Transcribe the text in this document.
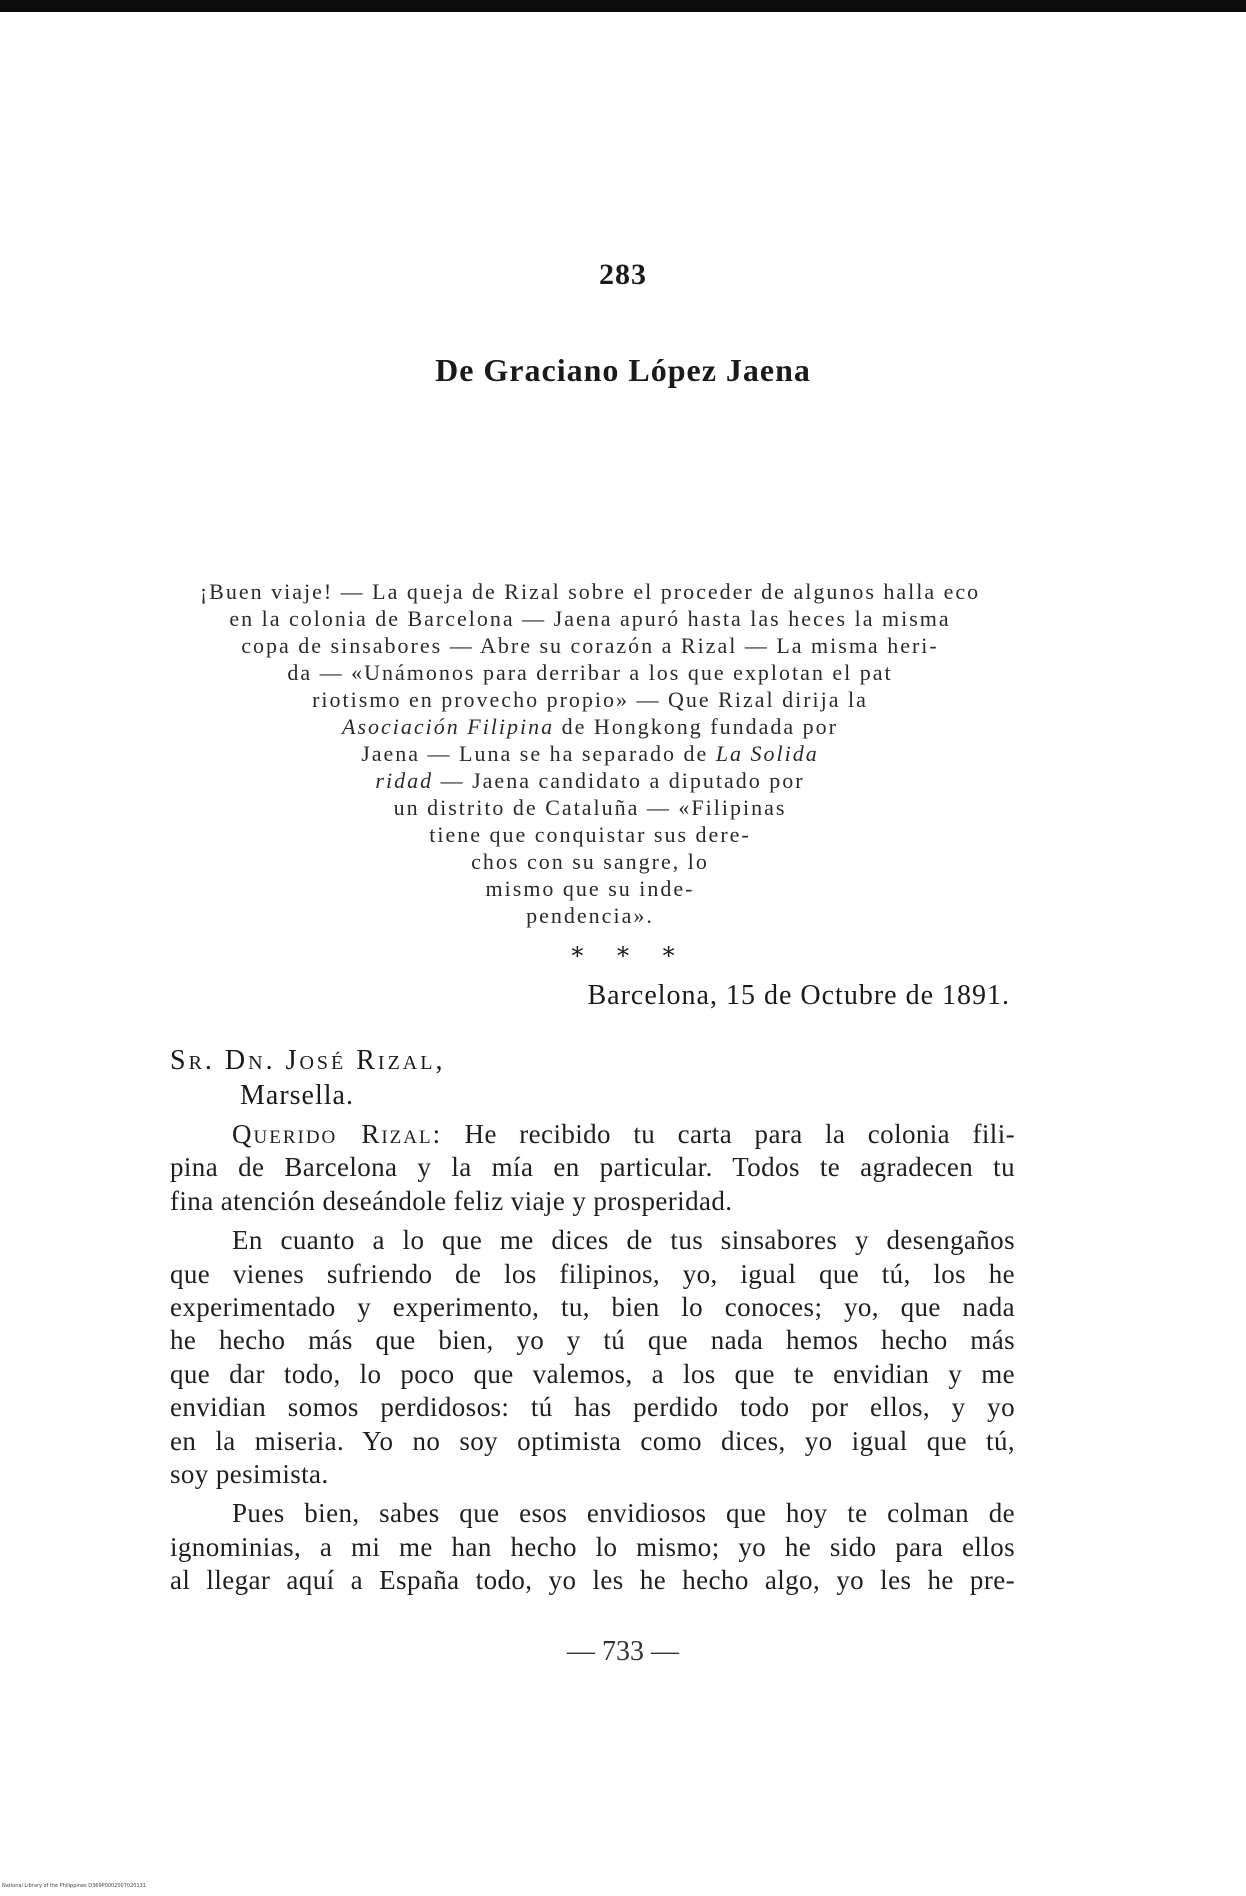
283
De Graciano López Jaena
¡Buen viaje! — La queja de Rizal sobre el proceder de algunos halla eco
en la colonia de Barcelona — Jaena apuró hasta las heces la misma
copa de sinsabores — Abre su corazón a Rizal — La misma heri-
da — «Unámonos para derribar a los que explotan el pat
riotismo en provecho propio» — Que Rizal dirija la
Asociación Filipina de Hongkong fundada por
Jaena — Luna se ha separado de La Solida
ridad — Jaena candidato a diputado por
un distrito de Cataluña — «Filipinas
tiene que conquistar sus dere-
chos con su sangre, lo
mismo que su inde-
pendencia».
* * *
Barcelona, 15 de Octubre de 1891.
Sr. Dn. José Rizal,
Marsella.
Querido Rizal: He recibido tu carta para la colonia fili-
pina de Barcelona y la mía en particular. Todos te agradecen tu
fina atención deseándole feliz viaje y prosperidad.
En cuanto a lo que me dices de tus sinsabores y desengaños
que vienes sufriendo de los filipinos, yo, igual que tú, los he
experimentado y experimento, tu, bien lo conoces; yo, que nada
he hecho más que bien, yo y tú que nada hemos hecho más
que dar todo, lo poco que valemos, a los que te envidian y me
envidian somos perdidosos: tú has perdido todo por ellos, y yo
en la miseria. Yo no soy optimista como dices, yo igual que tú,
soy pesimista.
Pues bien, sabes que esos envidiosos que hoy te colman de
ignominias, a mi me han hecho lo mismo; yo he sido para ellos
al llegar aquí a España todo, yo les he hecho algo, yo les he pre-
— 733 —
National Library of the Philippines D369P0002007020131
